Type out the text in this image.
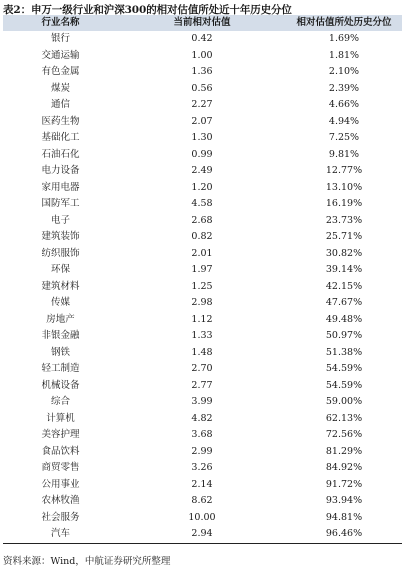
表2：申万一级行业和沪深300的相对估值所处近十年历史分位
行业名称	当前相对估值	相对估值所处历史分位
银行	0.42	1.69%
交通运输	1.00	1.81%
有色金属	1.36	2.10%
煤炭	0.56	2.39%
通信	2.27	4.66%
医药生物	2.07	4.94%
基础化工	1.30	7.25%
石油石化	0.99	9.81%
电力设备	2.49	12.77%
家用电器	1.20	13.10%
国防军工	4.58	16.19%
电子	2.68	23.73%
建筑装饰	0.82	25.71%
纺织服饰	2.01	30.82%
环保	1.97	39.14%
建筑材料	1.25	42.15%
传媒	2.98	47.67%
房地产	1.12	49.48%
非银金融	1.33	50.97%
钢铁	1.48	51.38%
轻工制造	2.70	54.59%
机械设备	2.77	54.59%
综合	3.99	59.00%
计算机	4.82	62.13%
美容护理	3.68	72.56%
食品饮料	2.99	81.29%
商贸零售	3.26	84.92%
公用事业	2.14	91.72%
农林牧渔	8.62	93.94%
社会服务	10.00	94.81%
汽车	2.94	96.46%
资料来源：Wind，中航证券研究所整理
